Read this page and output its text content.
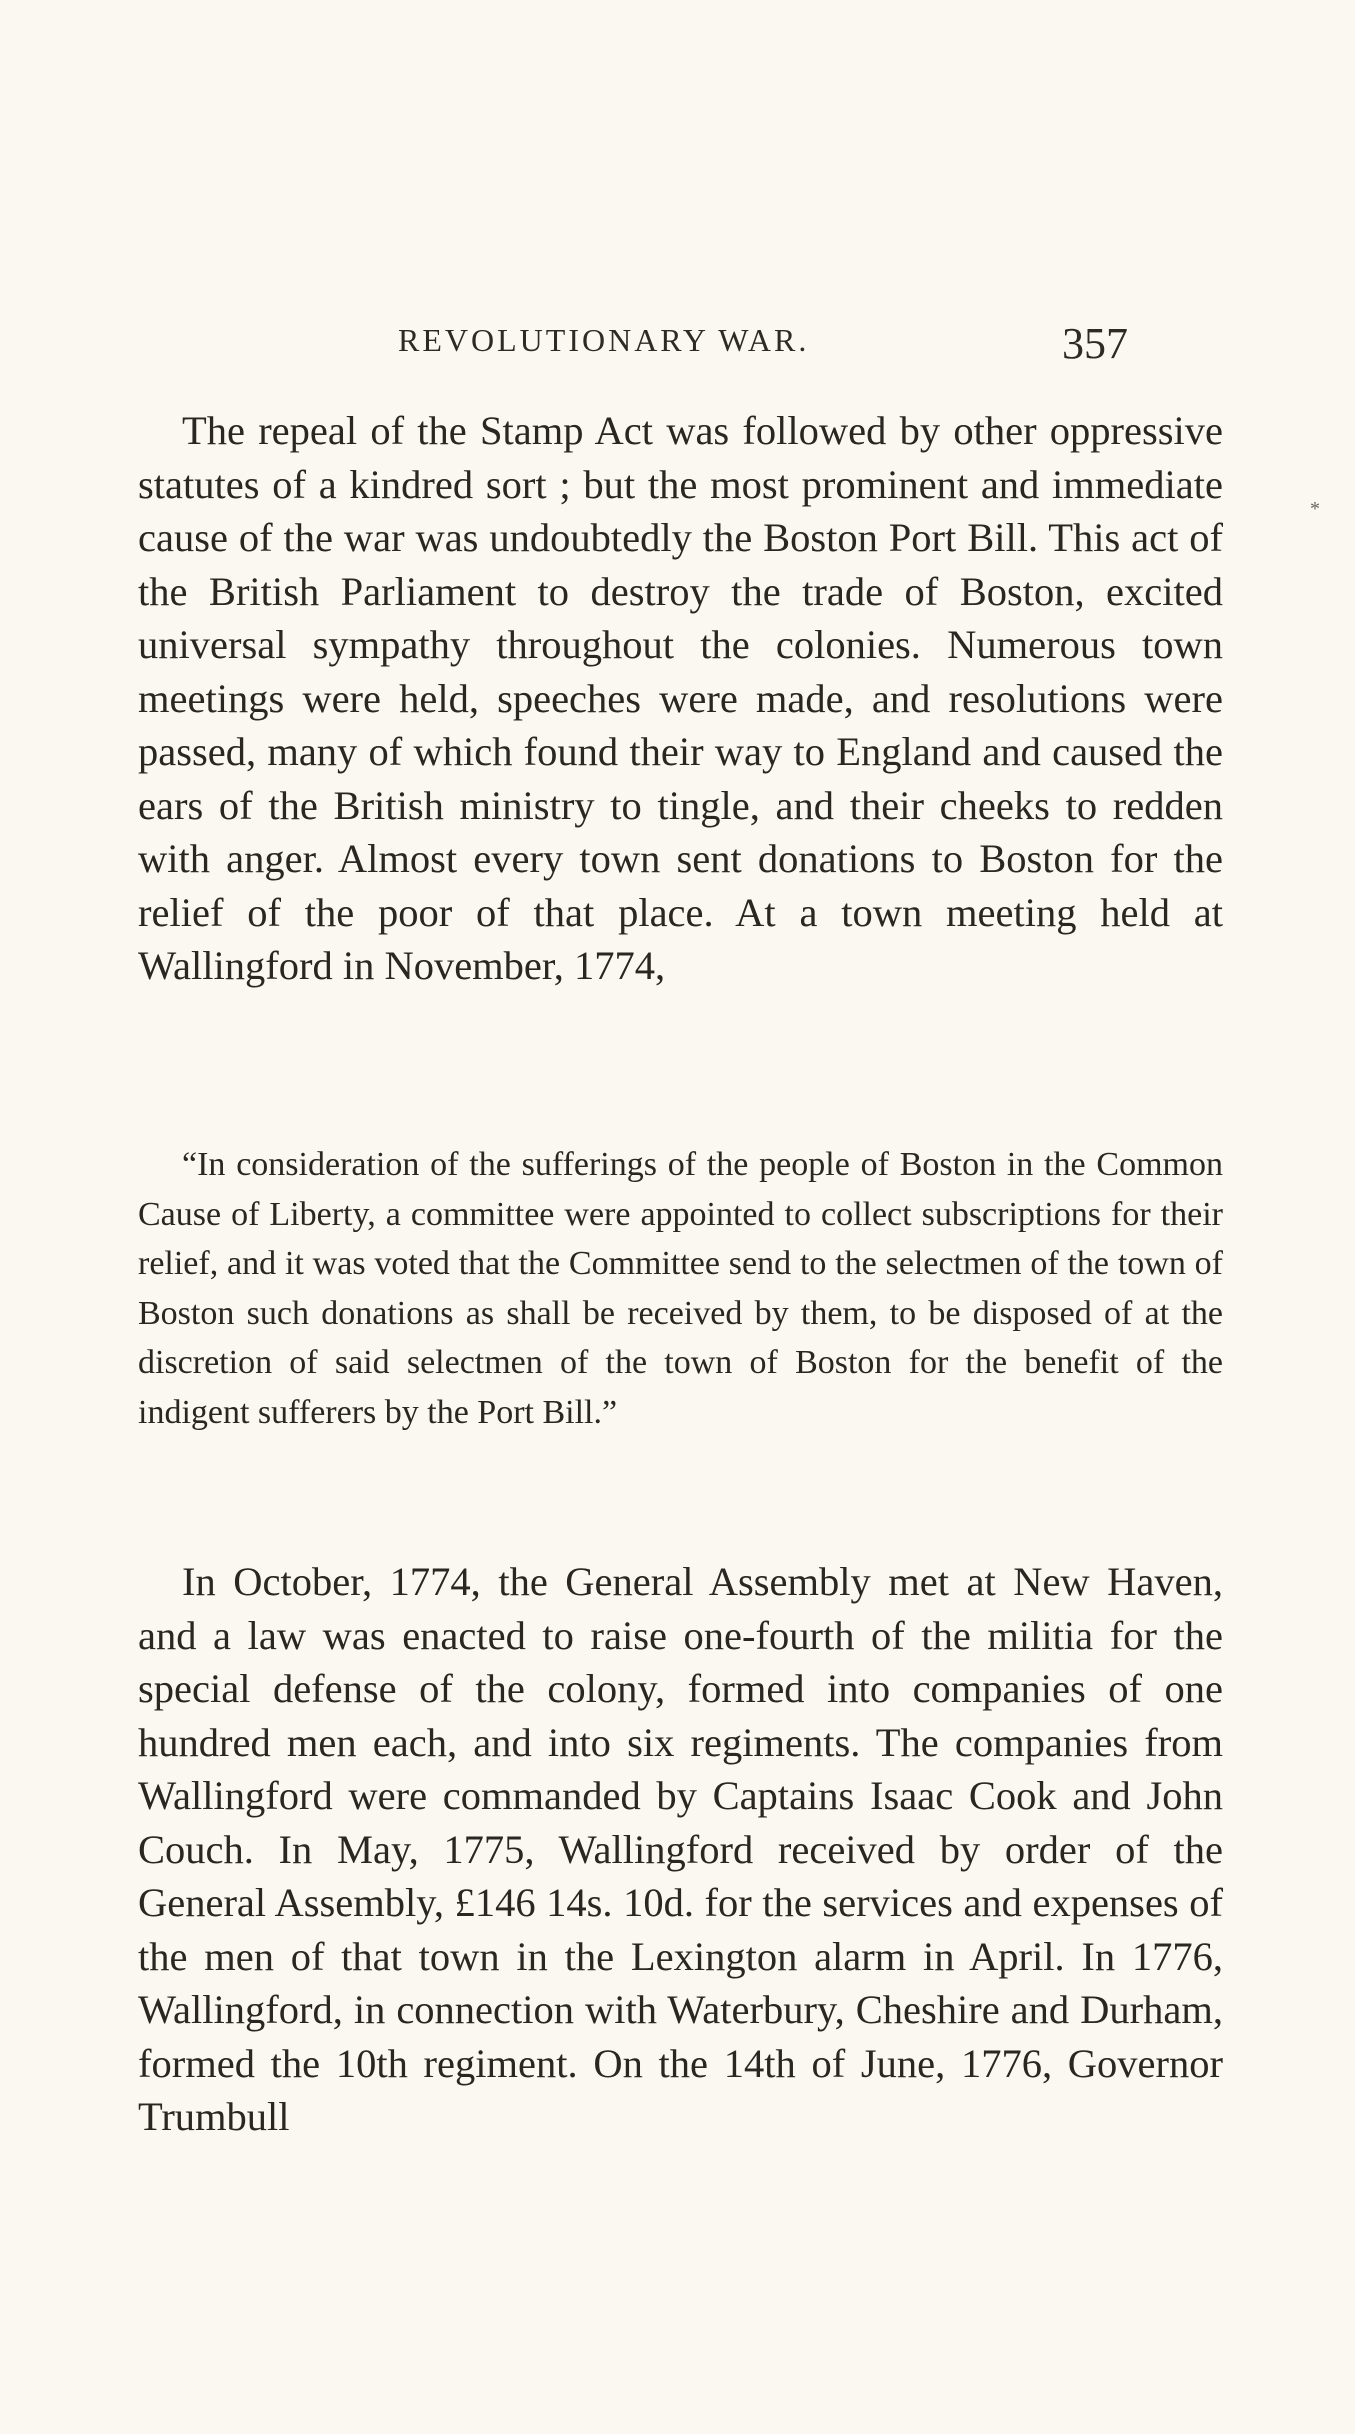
REVOLUTIONARY WAR.	357
*

The repeal of the Stamp Act was followed by other oppressive statutes of a kindred sort ; but the most prominent and immediate cause of the war was undoubtedly the Boston Port Bill. This act of the British Parliament to destroy the trade of Boston, excited universal sympathy throughout the colonies. Numerous town meetings were held, speeches were made, and resolutions were passed, many of which found their way to England and caused the ears of the British ministry to tingle, and their cheeks to redden with anger. Almost every town sent donations to Boston for the relief of the poor of that place. At a town meeting held at Wallingford in November, 1774,

“In consideration of the sufferings of the people of Boston in the Common Cause of Liberty, a committee were appointed to collect subscriptions for their relief, and it was voted that the Committee send to the selectmen of the town of Boston such donations as shall be received by them, to be disposed of at the discretion of said selectmen of the town of Boston for the benefit of the indigent sufferers by the Port Bill.”

In October, 1774, the General Assembly met at New Haven, and a law was enacted to raise one-fourth of the militia for the special defense of the colony, formed into companies of one hundred men each, and into six regiments. The companies from Wallingford were commanded by Captains Isaac Cook and John Couch. In May, 1775, Wallingford received by order of the General Assembly, £146 14s. 10d. for the services and expenses of the men of that town in the Lexington alarm in April. In 1776, Wallingford, in connection with Waterbury, Cheshire and Durham, formed the 10th regiment. On the 14th of June, 1776, Governor Trumbull
